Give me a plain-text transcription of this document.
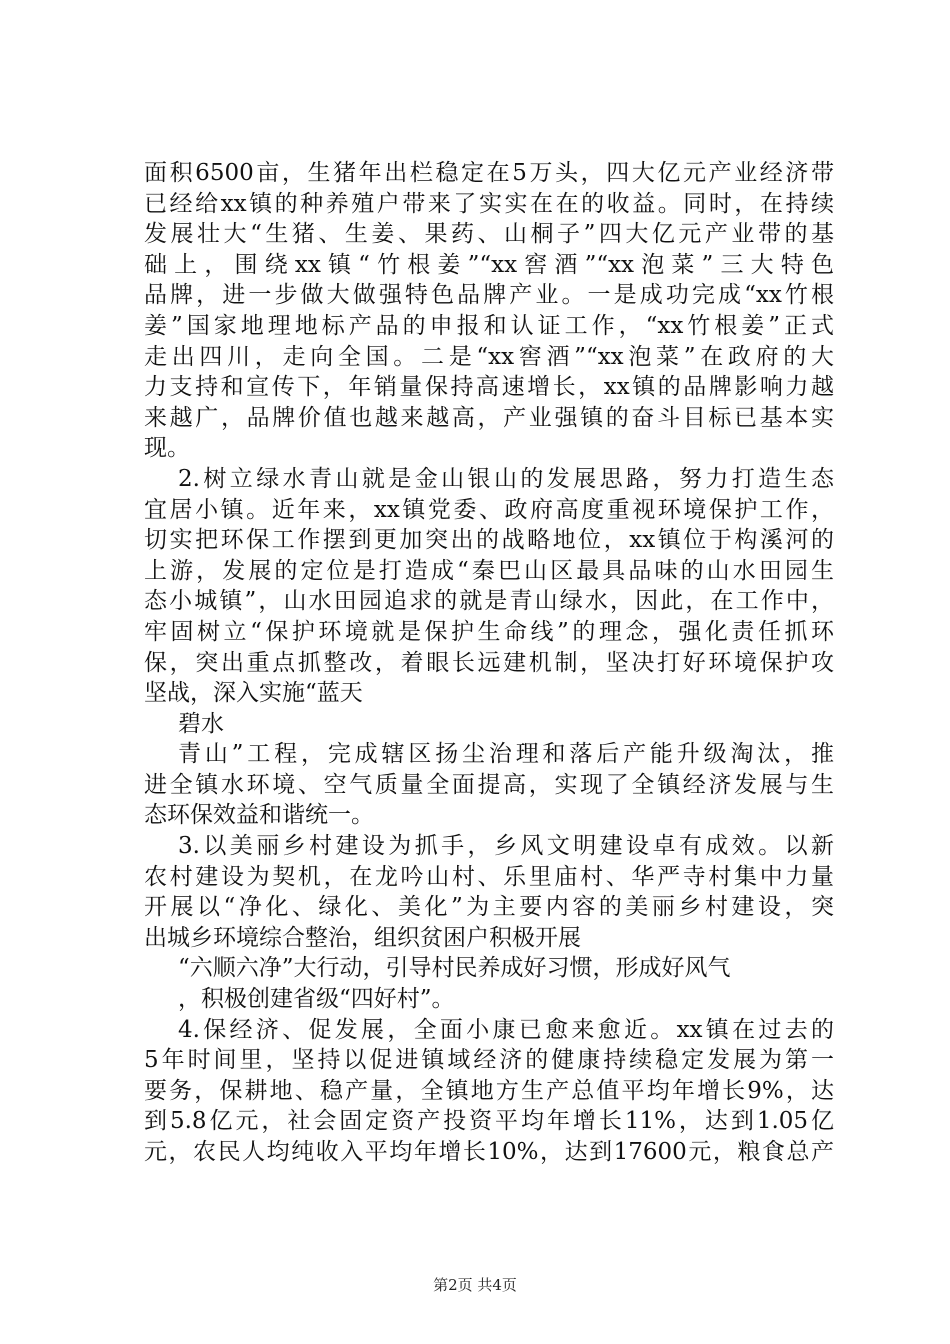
面积6500亩，生猪年出栏稳定在5万头，四大亿元产业经济带
已经给xx镇的种养殖户带来了实实在在的收益。同时，在持续
发展壮大“生猪、生姜、果药、山桐子”四大亿元产业带的基
础上，围绕xx镇“竹根姜”“xx窖酒”“xx泡菜”三大特色
品牌，进一步做大做强特色品牌产业。一是成功完成“xx竹根
姜”国家地理地标产品的申报和认证工作，“xx竹根姜”正式
走出四川，走向全国。二是“xx窖酒”“xx泡菜”在政府的大
力支持和宣传下，年销量保持高速增长，xx镇的品牌影响力越
来越广，品牌价值也越来越高，产业强镇的奋斗目标已基本实
现。
2.树立绿水青山就是金山银山的发展思路，努力打造生态
宜居小镇。近年来，xx镇党委、政府高度重视环境保护工作，
切实把环保工作摆到更加突出的战略地位，xx镇位于构溪河的
上游，发展的定位是打造成“秦巴山区最具品味的山水田园生
态小城镇”，山水田园追求的就是青山绿水，因此，在工作中，
牢固树立“保护环境就是保护生命线”的理念，强化责任抓环
保，突出重点抓整改，着眼长远建机制，坚决打好环境保护攻
坚战，深入实施“蓝天
碧水
青山”工程，完成辖区扬尘治理和落后产能升级淘汰，推
进全镇水环境、空气质量全面提高，实现了全镇经济发展与生
态环保效益和谐统一。
3.以美丽乡村建设为抓手，乡风文明建设卓有成效。以新
农村建设为契机，在龙吟山村、乐里庙村、华严寺村集中力量
开展以“净化、绿化、美化”为主要内容的美丽乡村建设，突
出城乡环境综合整治，组织贫困户积极开展
“六顺六净”大行动，引导村民养成好习惯，形成好风气
，积极创建省级“四好村”。
4.保经济、促发展，全面小康已愈来愈近。xx镇在过去的
5年时间里，坚持以促进镇域经济的健康持续稳定发展为第一
要务，保耕地、稳产量，全镇地方生产总值平均年增长9%，达
到5.8亿元，社会固定资产投资平均年增长11%，达到1.05亿
元，农民人均纯收入平均年增长10%，达到17600元，粮食总产
第2页 共4页
